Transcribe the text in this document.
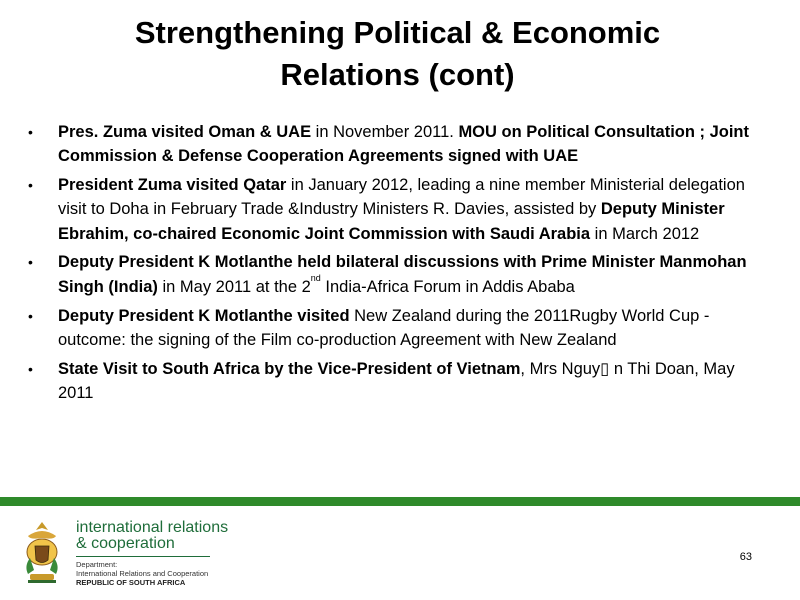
Strengthening Political & Economic
Relations (cont)
•	Pres. Zuma visited Oman & UAE in November 2011. MOU on Political Consultation ; Joint Commission & Defense Cooperation Agreements signed with UAE
•	President Zuma visited Qatar in January 2012, leading a nine member Ministerial delegation visit to Doha in February Trade &Industry Ministers R. Davies, assisted by Deputy Minister Ebrahim, co-chaired Economic Joint Commission with Saudi Arabia in March 2012
•	Deputy President K Motlanthe held bilateral discussions with Prime Minister Manmohan Singh (India) in May 2011 at the 2nd India-Africa Forum in Addis Ababa
•	Deputy President K Motlanthe visited New Zealand during the 2011Rugby World Cup - outcome: the signing of the Film co-production Agreement with New Zealand
•	State Visit to South Africa by the Vice-President of Vietnam, Mrs Nguy▯ n Thi Doan, May 2011
international relations
& cooperation
Department:
International Relations and Cooperation
REPUBLIC OF SOUTH AFRICA
63
